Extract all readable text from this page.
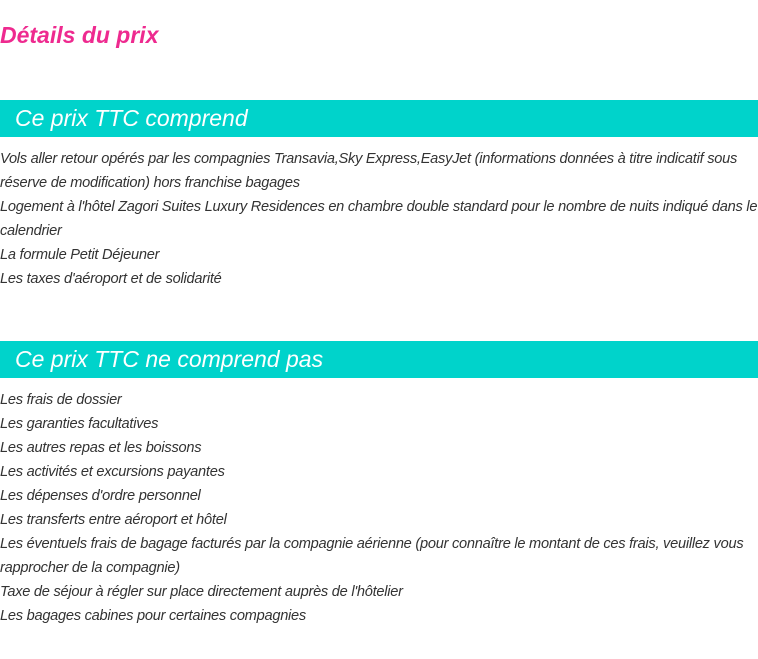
Détails du prix
Ce prix TTC comprend
Vols aller retour opérés par les compagnies Transavia,Sky Express,EasyJet (informations données à titre indicatif sous réserve de modification) hors franchise bagages
Logement à l'hôtel Zagori Suites Luxury Residences en chambre double standard pour le nombre de nuits indiqué dans le calendrier
La formule Petit Déjeuner
Les taxes d'aéroport et de solidarité
Ce prix TTC ne comprend pas
Les frais de dossier
Les garanties facultatives
Les autres repas et les boissons
Les activités et excursions payantes
Les dépenses d'ordre personnel
Les transferts entre aéroport et hôtel
Les éventuels frais de bagage facturés par la compagnie aérienne (pour connaître le montant de ces frais, veuillez vous rapprocher de la compagnie)
Taxe de séjour à régler sur place directement auprès de l'hôtelier
Les bagages cabines pour certaines compagnies
